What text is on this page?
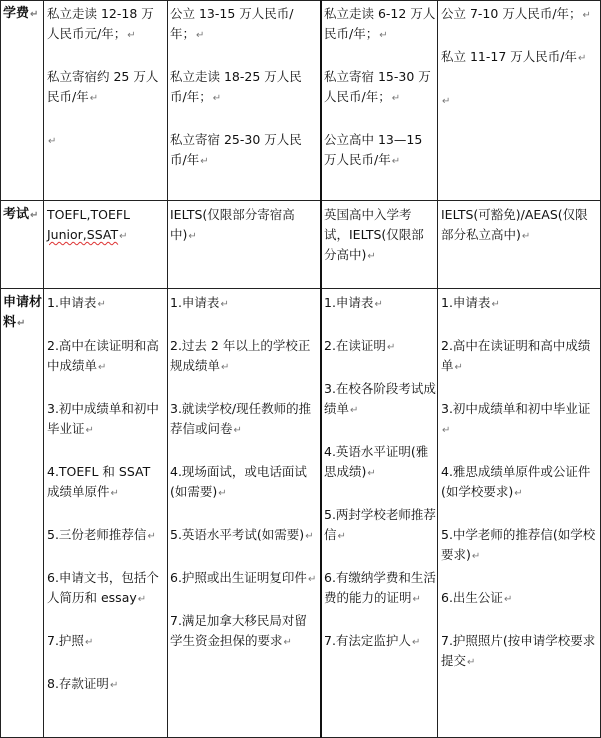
学费↵ 私立走读 12-18 万人民币元/年；↵

私立寄宿约 25 万人民币/年↵

↵

公立 13-15 万人民币/年；↵

私立走读 18-25 万人民币/年；↵

私立寄宿 25-30 万人民币/年↵

私立走读 6-12 万人民币/年；↵

私立寄宿 15-30 万人民币/年；↵

公立高中 13—15 万人民币/年↵

公立 7-10 万人民币/年；↵

私立 11-17 万人民币/年↵

↵

考试↵ TOEFL,TOEFL Junior,SSAT↵
IELTS(仅限部分寄宿高中)↵
英国高中入学考试，IELTS(仅限部分高中)↵
IELTS(可豁免)/AEAS(仅限部分私立高中)↵
申请材料↵

1.申请表↵

2.高中在读证明和高中成绩单↵

3.初中成绩单和初中毕业证↵

4.TOEFL 和 SSAT 成绩单原件↵

5.三份老师推荐信↵

6.申请文书，包括个人简历和 essay↵

7.护照↵

8.存款证明↵

1.申请表↵

2.过去 2 年以上的学校正规成绩单↵

3.就读学校/现任教师的推荐信或问卷↵

4.现场面试，或电话面试(如需要)↵

5.英语水平考试(如需要)↵

6.护照或出生证明复印件↵

7.满足加拿大移民局对留学生资金担保的要求↵

1.申请表↵

2.在读证明↵

3.在校各阶段考试成绩单↵

4.英语水平证明(雅思成绩)↵

5.两封学校老师推荐信↵

6.有缴纳学费和生活费的能力的证明↵

7.有法定监护人↵

1.申请表↵

2.高中在读证明和高中成绩单↵

3.初中成绩单和初中毕业证↵

4.雅思成绩单原件或公证件(如学校要求)↵

5.中学老师的推荐信(如学校要求)↵

6.出生公证↵

7.护照照片(按申请学校要求提交↵
